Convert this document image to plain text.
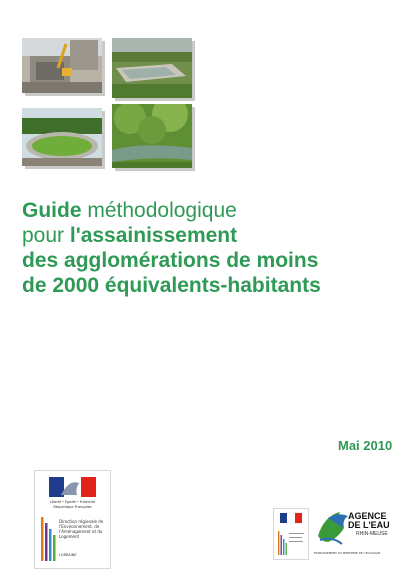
Guide méthodologique
pour l'assainissement
des agglomérations de moins
de 2000 équivalents-habitants
Mai 2010
Liberté • Égalité • Fraternité
République Française
Direction régionale de l'Environnement, de l'Aménagement et du Logement
LORRAINE
AGENCE
DE L'EAU
RHIN-MEUSE
ÉTABLISSEMENT DU MINISTÈRE DE L'ÉCOLOGIE
